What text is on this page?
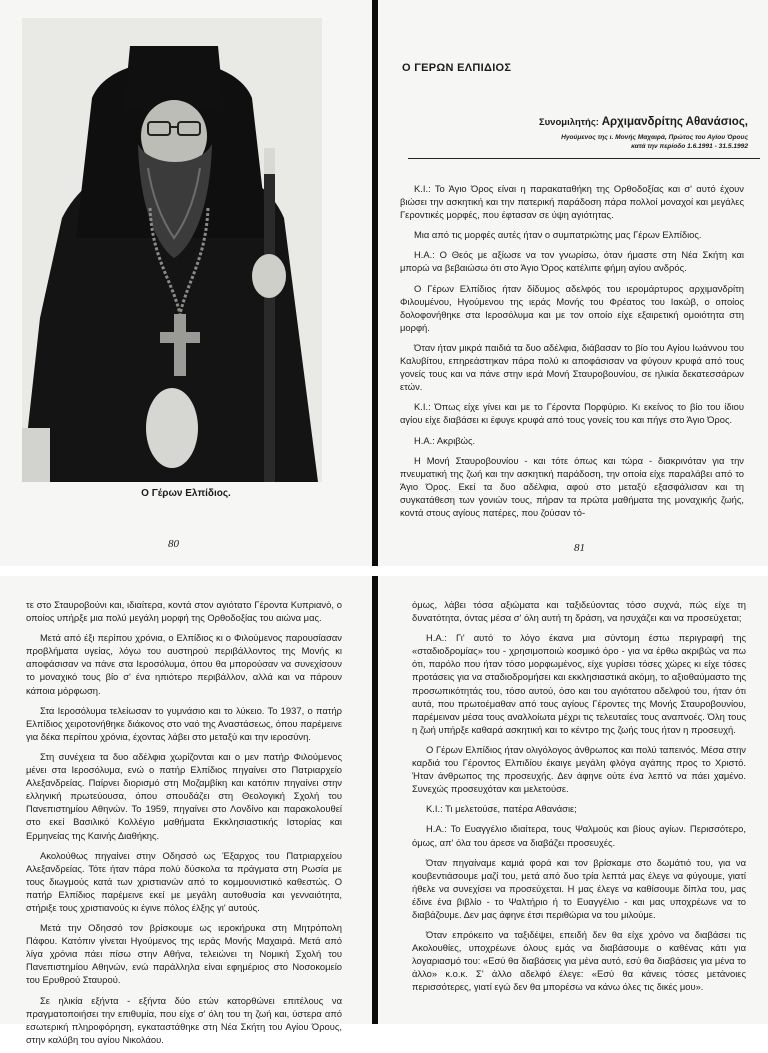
Ο Γέρων Ελπίδιος.
80
Ο ΓΕΡΩΝ ΕΛΠΙΔΙΟΣ
Συνομιλητής: Αρχιμανδρίτης Αθανάσιος,
Ηγούμενος της ι. Μονής Μαχαιρά, Πρώτος του Αγίου Όρους
κατά την περίοδο 1.6.1991 - 31.5.1992

Κ.Ι.: Το Άγιο Όρος είναι η παρακαταθήκη της Ορθοδοξίας και σ' αυτό έχουν βιώσει την ασκητική και την πατερική παράδοση πάρα πολλοί μοναχοί και μεγάλες Γεροντικές μορφές, που έφτασαν σε ύψη αγιότητας.

Μια από τις μορφές αυτές ήταν ο συμπατριώτης μας Γέρων Ελπίδιος.

Η.Α.: Ο Θεός με αξίωσε να τον γνωρίσω, όταν ήμαστε στη Νέα Σκήτη και μπορώ να βεβαιώσω ότι στο Άγιο Όρος κατέλιπε φήμη αγίου ανδρός.

Ο Γέρων Ελπίδιος ήταν δίδυμος αδελφός του ιερομάρτυρος αρχιμανδρίτη Φιλουμένου, Ηγούμενου της ιεράς Μονής του Φρέατος του Ιακώβ, ο οποίος δολοφονήθηκε στα Ιεροσόλυμα και με τον οποίο είχε εξαιρετική ομοιότητα στη μορφή.

Όταν ήταν μικρά παιδιά τα δυο αδέλφια, διάβασαν το βίο του Αγίου Ιωάννου του Καλυβίτου, επηρεάστηκαν πάρα πολύ κι αποφάσισαν να φύγουν κρυφά από τους γονείς τους και να πάνε στην ιερά Μονή Σταυροβουνίου, σε ηλικία δεκατεσσάρων ετών.

Κ.Ι.: Όπως είχε γίνει και με το Γέροντα Πορφύριο. Κι εκείνος το βίο του ίδιου αγίου είχε διαβάσει κι έφυγε κρυφά από τους γονείς του και πήγε στο Άγιο Όρος.

Η.Α.: Ακριβώς.

Η Μονή Σταυροβουνίου - και τότε όπως και τώρα - διακρινόταν για την πνευματική της ζωή και την ασκητική παράδοση, την οποία είχε παραλάβει από το Άγιο Όρος. Εκεί τα δυο αδέλφια, αφού στο μεταξύ εξασφάλισαν και τη συγκατάθεση των γονιών τους, πήραν τα πρώτα μαθήματα της μοναχικής ζωής, κοντά στους αγίους πατέρες, που ζούσαν τό-

81

τε στο Σταυροβούνι και, ιδιαίτερα, κοντά στον αγιότατο Γέροντα Κυπριανό, ο οποίος υπήρξε μια πολύ μεγάλη μορφή της Ορθοδοξίας του αιώνα μας.

Μετά από έξι περίπου χρόνια, ο Ελπίδιος κι ο Φιλούμενος παρουσίασαν προβλήματα υγείας, λόγω του αυστηρού περιβάλλοντος της Μονής κι αποφάσισαν να πάνε στα Ιεροσόλυμα, όπου θα μπορούσαν να συνεχίσουν το μοναχικό τους βίο σ' ένα ηπιότερο περιβάλλον, αλλά και να πάρουν κάποια μόρφωση.

Στα Ιεροσόλυμα τελείωσαν το γυμνάσιο και το λύκειο. Το 1937, ο πατήρ Ελπίδιος χειροτονήθηκε διάκονος στο ναό της Αναστάσεως, όπου παρέμεινε για δέκα περίπου χρόνια, έχοντας λάβει στο μεταξύ και την ιεροσύνη.

Στη συνέχεια τα δυο αδέλφια χωρίζονται και ο μεν πατήρ Φιλούμενος μένει στα Ιεροσόλυμα, ενώ ο πατήρ Ελπίδιος πηγαίνει στο Πατριαρχείο Αλεξανδρείας. Παίρνει διορισμό στη Μοζαμβίκη και κατόπιν πηγαίνει στην ελληνική πρωτεύουσα, όπου σπουδάζει στη Θεολογική Σχολή του Πανεπιστημίου Αθηνών. Το 1959, πηγαίνει στο Λονδίνο και παρακολουθεί στο εκεί Βασιλικό Κολλέγιο μαθήματα Εκκλησιαστικής Ιστορίας και Ερμηνείας της Καινής Διαθήκης.

Ακολούθως πηγαίνει στην Οδησσό ως Έξαρχος του Πατριαρχείου Αλεξανδρείας. Τότε ήταν πάρα πολύ δύσκολα τα πράγματα στη Ρωσία με τους διωγμούς κατά των χριστιανών από το κομμουνιστικό καθεστώς. Ο πατήρ Ελπίδιος παρέμεινε εκεί με μεγάλη αυτοθυσία και γενναιότητα, στήριξε τους χριστιανούς κι έγινε πόλος έλξης γι' αυτούς.

Μετά την Οδησσό τον βρίσκουμε ως ιεροκήρυκα στη Μητρόπολη Πάφου. Κατόπιν γίνεται Ηγούμενος της ιεράς Μονής Μαχαιρά. Μετά από λίγα χρόνια πάει πίσω στην Αθήνα, τελειώνει τη Νομική Σχολή του Πανεπιστημίου Αθηνών, ενώ παράλληλα είναι εφημέριος στο Νοσοκομείο του Ερυθρού Σταυρού.

Σε ηλικία εξήντα - εξήντα δύο ετών κατορθώνει επιτέλους να πραγματοποιήσει την επιθυμία, που είχε σ' όλη του τη ζωή και, ύστερα από εσωτερική πληροφόρηση, εγκαταστάθηκε στη Νέα Σκήτη του Αγίου Όρους, στην καλύβη του αγίου Νικολάου.

όμως, λάβει τόσα αξιώματα και ταξιδεύοντας τόσο συχνά, πώς είχε τη δυνατότητα, όντας μέσα σ' όλη αυτή τη δράση, να ησυχάζει και να προσεύχεται;

Η.Α.: Γι' αυτό το λόγο έκανα μια σύντομη έστω περιγραφή της «σταδιοδρομίας» του - χρησιμοποιώ κοσμικό όρο - για να έρθω ακριβώς να πω ότι, παρόλο που ήταν τόσο μορφωμένος, είχε γυρίσει τόσες χώρες κι είχε τόσες προτάσεις για να σταδιοδρομήσει και εκκλησιαστικά ακόμη, το αξιοθαύμαστο της προσωπικότητάς του, τόσο αυτού, όσο και του αγιότατου αδελφού του, ήταν ότι αυτά, που πρωτοέμαθαν από τους αγίους Γέροντες της Μονής Σταυροβουνίου, παρέμειναν μέσα τους αναλλοίωτα μέχρι τις τελευταίες τους αναπνοές. Όλη τους η ζωή υπήρξε καθαρά ασκητική και το κέντρο της ζωής τους ήταν η προσευχή.

Ο Γέρων Ελπίδιος ήταν ολιγόλογος άνθρωπος και πολύ ταπεινός. Μέσα στην καρδιά του Γέροντος Ελπιδίου έκαιγε μεγάλη φλόγα αγάπης προς το Χριστό. Ήταν άνθρωπος της προσευχής. Δεν άφηνε ούτε ένα λεπτό να πάει χαμένο. Συνεχώς προσευχόταν και μελετούσε.

Κ.Ι.: Τι μελετούσε, πατέρα Αθανάσιε;

Η.Α.: Το Ευαγγέλιο ιδιαίτερα, τους Ψαλμούς και βίους αγίων. Περισσότερο, όμως, απ' όλα του άρεσε να διαβάζει προσευχές.

Όταν πηγαίναμε καμιά φορά και τον βρίσκαμε στο δωμάτιό του, για να κουβεντιάσουμε μαζί του, μετά από δυο τρία λεπτά μας έλεγε να φύγουμε, γιατί ήθελε να συνεχίσει να προσεύχεται. Η μας έλεγε να καθίσουμε δίπλα του, μας έδινε ένα βιβλίο - το Ψαλτήριο ή το Ευαγγέλιο - και μας υποχρέωνε να το διαβάζουμε. Δεν μας άφηνε έτσι περιθώρια να του μιλούμε.

Όταν επρόκειτο να ταξιδέψει, επειδή δεν θα είχε χρόνο να διαβάσει τις Ακολουθίες, υποχρέωνε όλους εμάς να διαβάσουμε ο καθένας κάτι για λογαριασμό του: «Εσύ θα διαβάσεις για μένα αυτό, εσύ θα διαβάσεις για μένα το άλλο» κ.ο.κ. Σ' άλλο αδελφό έλεγε: «Εσύ θα κάνεις τόσες μετάνοιες περισσότερες, γιατί εγώ δεν θα μπορέσω να κάνω όλες τις δικές μου».
